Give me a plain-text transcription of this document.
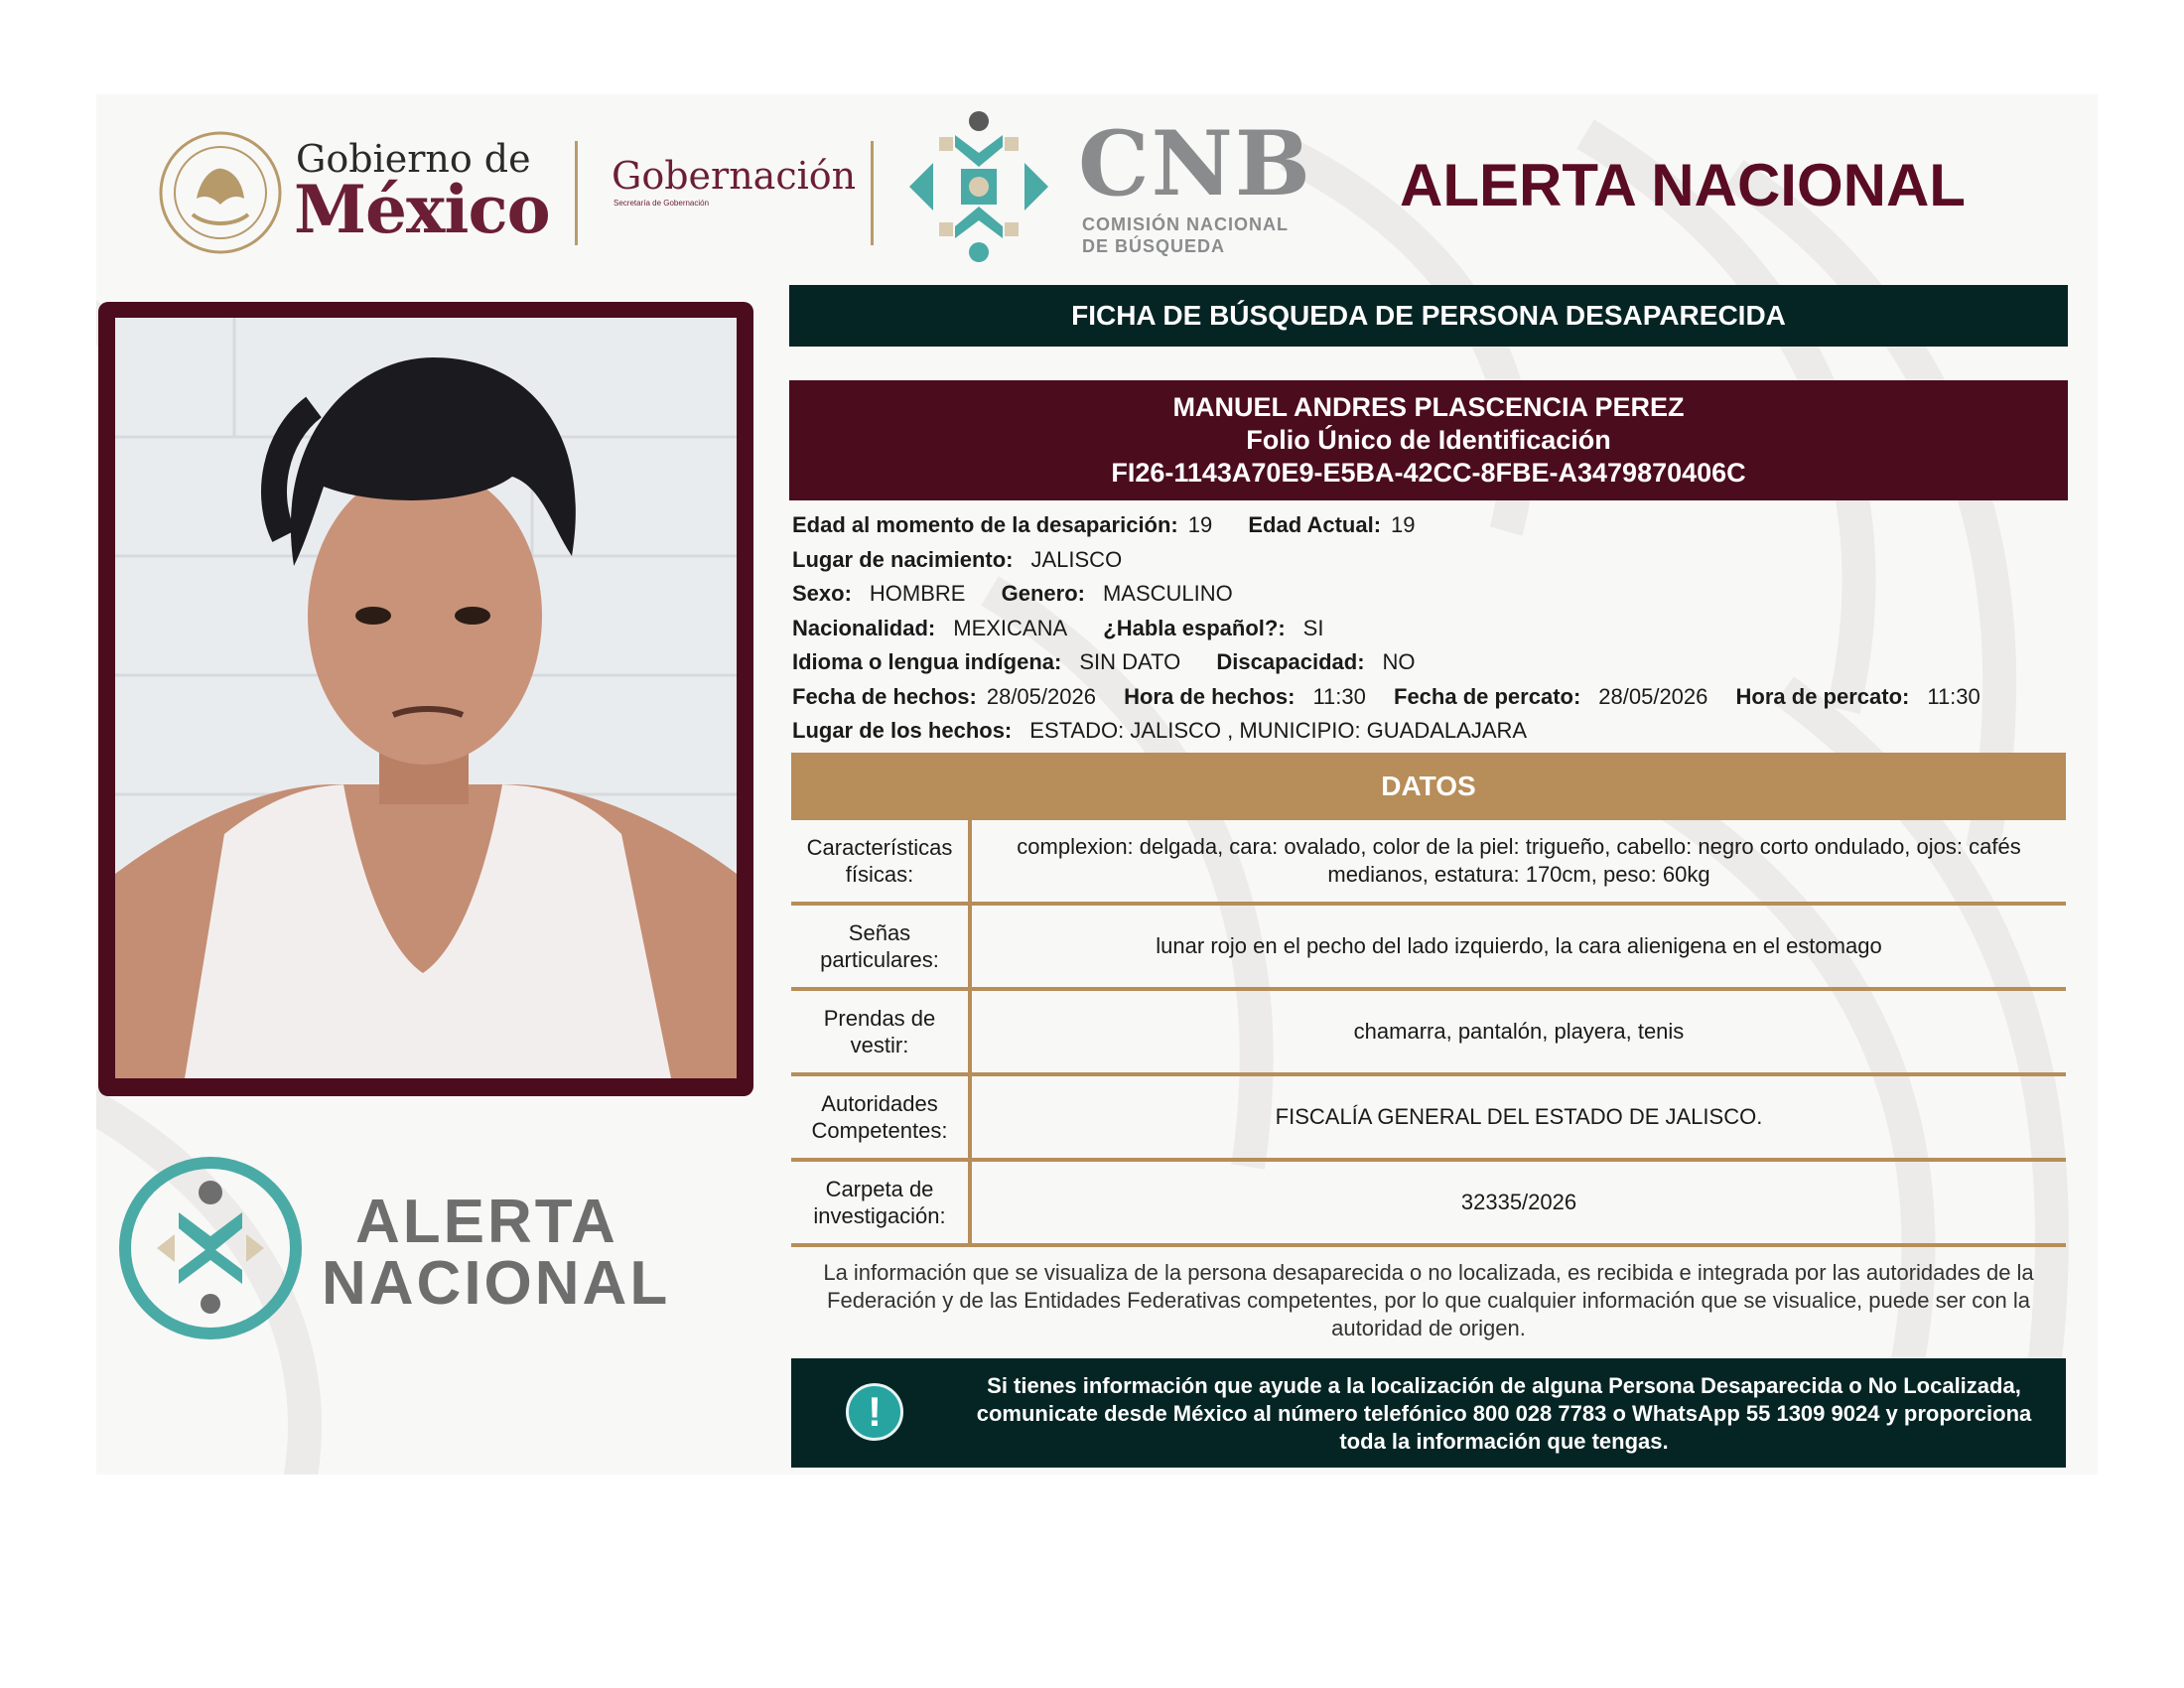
Gobierno de
México Gobernación
Secretaría de Gobernación	CNB
COMISIÓN NACIONAL
DE BÚSQUEDA
ALERTA NACIONAL
ALERTA
NACIONAL
FICHA DE BÚSQUEDA DE PERSONA DESAPARECIDA
MANUEL ANDRES PLASCENCIA PEREZ
Folio Único de Identificación
FI26-1143A70E9-E5BA-42CC-8FBE-A3479870406C
Edad al momento de la desaparición: 19 Edad Actual: 19
Lugar de nacimiento: JALISCO
Sexo: HOMBRE Genero: MASCULINO
Nacionalidad: MEXICANA ¿Habla español?: SI
Idioma o lengua indígena: SIN DATO Discapacidad: NO
Fecha de hechos: 28/05/2026 Hora de hechos: 11:30 Fecha de percato: 28/05/2026 Hora de percato: 11:30
Lugar de los hechos: ESTADO: JALISCO , MUNICIPIO: GUADALAJARA
DATOS
Características físicas:
complexion: delgada, cara: ovalado, color de la piel: trigueño, cabello: negro corto ondulado, ojos: cafés medianos, estatura: 170cm, peso: 60kg
Señas particulares:
lunar rojo en el pecho del lado izquierdo, la cara alienigena en el estomago
Prendas de vestir:
chamarra, pantalón, playera, tenis
Autoridades Competentes:
FISCALÍA GENERAL DEL ESTADO DE JALISCO.
Carpeta de investigación:
32335/2026
La información que se visualiza de la persona desaparecida o no localizada, es recibida e integrada por las autoridades de la Federación y de las Entidades Federativas competentes, por lo que cualquier información que se visualice, puede ser con la autoridad de origen.
Si tienes información que ayude a la localización de alguna Persona Desaparecida o No Localizada, comunicate desde México al número telefónico 800 028 7783 o WhatsApp 55 1309 9024 y proporciona toda la información que tengas.
!
